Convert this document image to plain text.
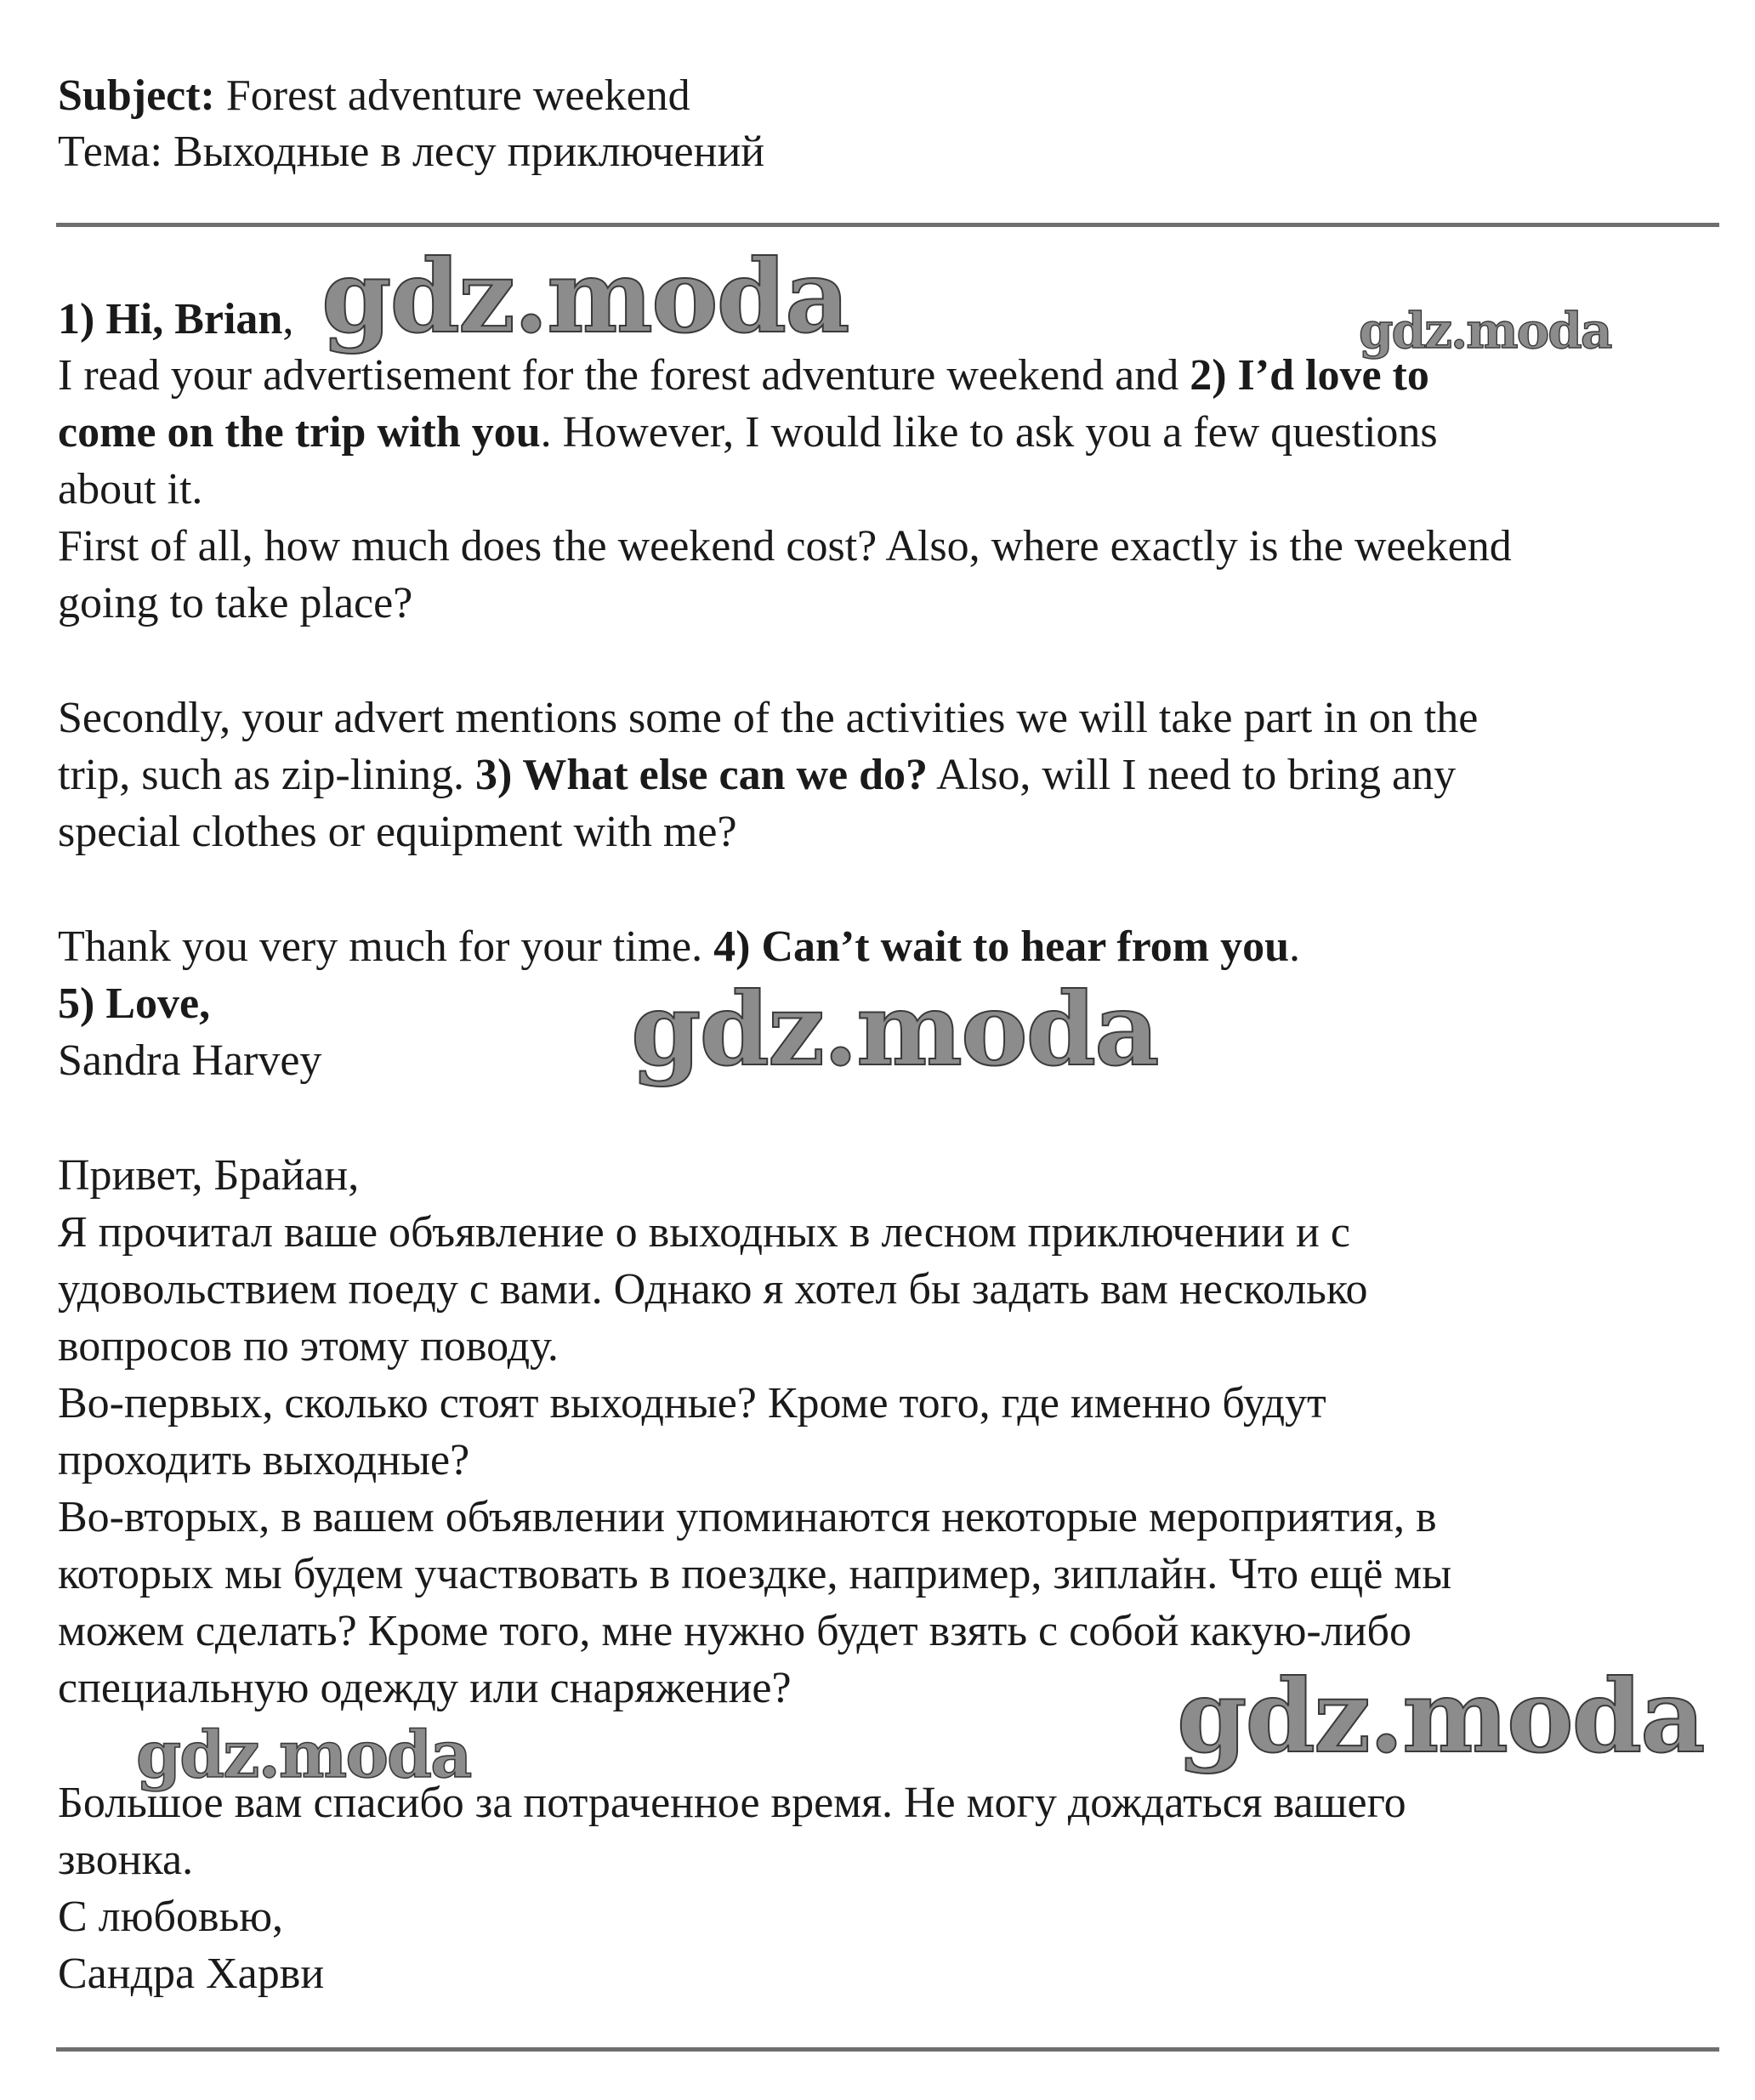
Subject: Forest adventure weekend
Тема: Выходные в лесу приключений
1) Hi, Brian,
I read your advertisement for the forest adventure weekend and 2) I’d love to
come on the trip with you. However, I would like to ask you a few questions
about it.
First of all, how much does the weekend cost? Also, where exactly is the weekend
going to take place?
Secondly, your advert mentions some of the activities we will take part in on the
trip, such as zip-lining. 3) What else can we do? Also, will I need to bring any
special clothes or equipment with me?
Thank you very much for your time. 4) Can’t wait to hear from you.
5) Love,
Sandra Harvey
Привет, Брайан,
Я прочитал ваше объявление о выходных в лесном приключении и с
удовольствием поеду с вами. Однако я хотел бы задать вам несколько
вопросов по этому поводу.
Во-первых, сколько стоят выходные? Кроме того, где именно будут
проходить выходные?
Во-вторых, в вашем объявлении упоминаются некоторые мероприятия, в
которых мы будем участвовать в поездке, например, зиплайн. Что ещё мы
можем сделать? Кроме того, мне нужно будет взять с собой какую-либо
специальную одежду или снаряжение?
Большое вам спасибо за потраченное время. Не могу дождаться вашего
звонка.
С любовью,
Сандра Харви
gdz.moda	gdz.moda
gdz.moda
gdz.moda
gdz.moda
